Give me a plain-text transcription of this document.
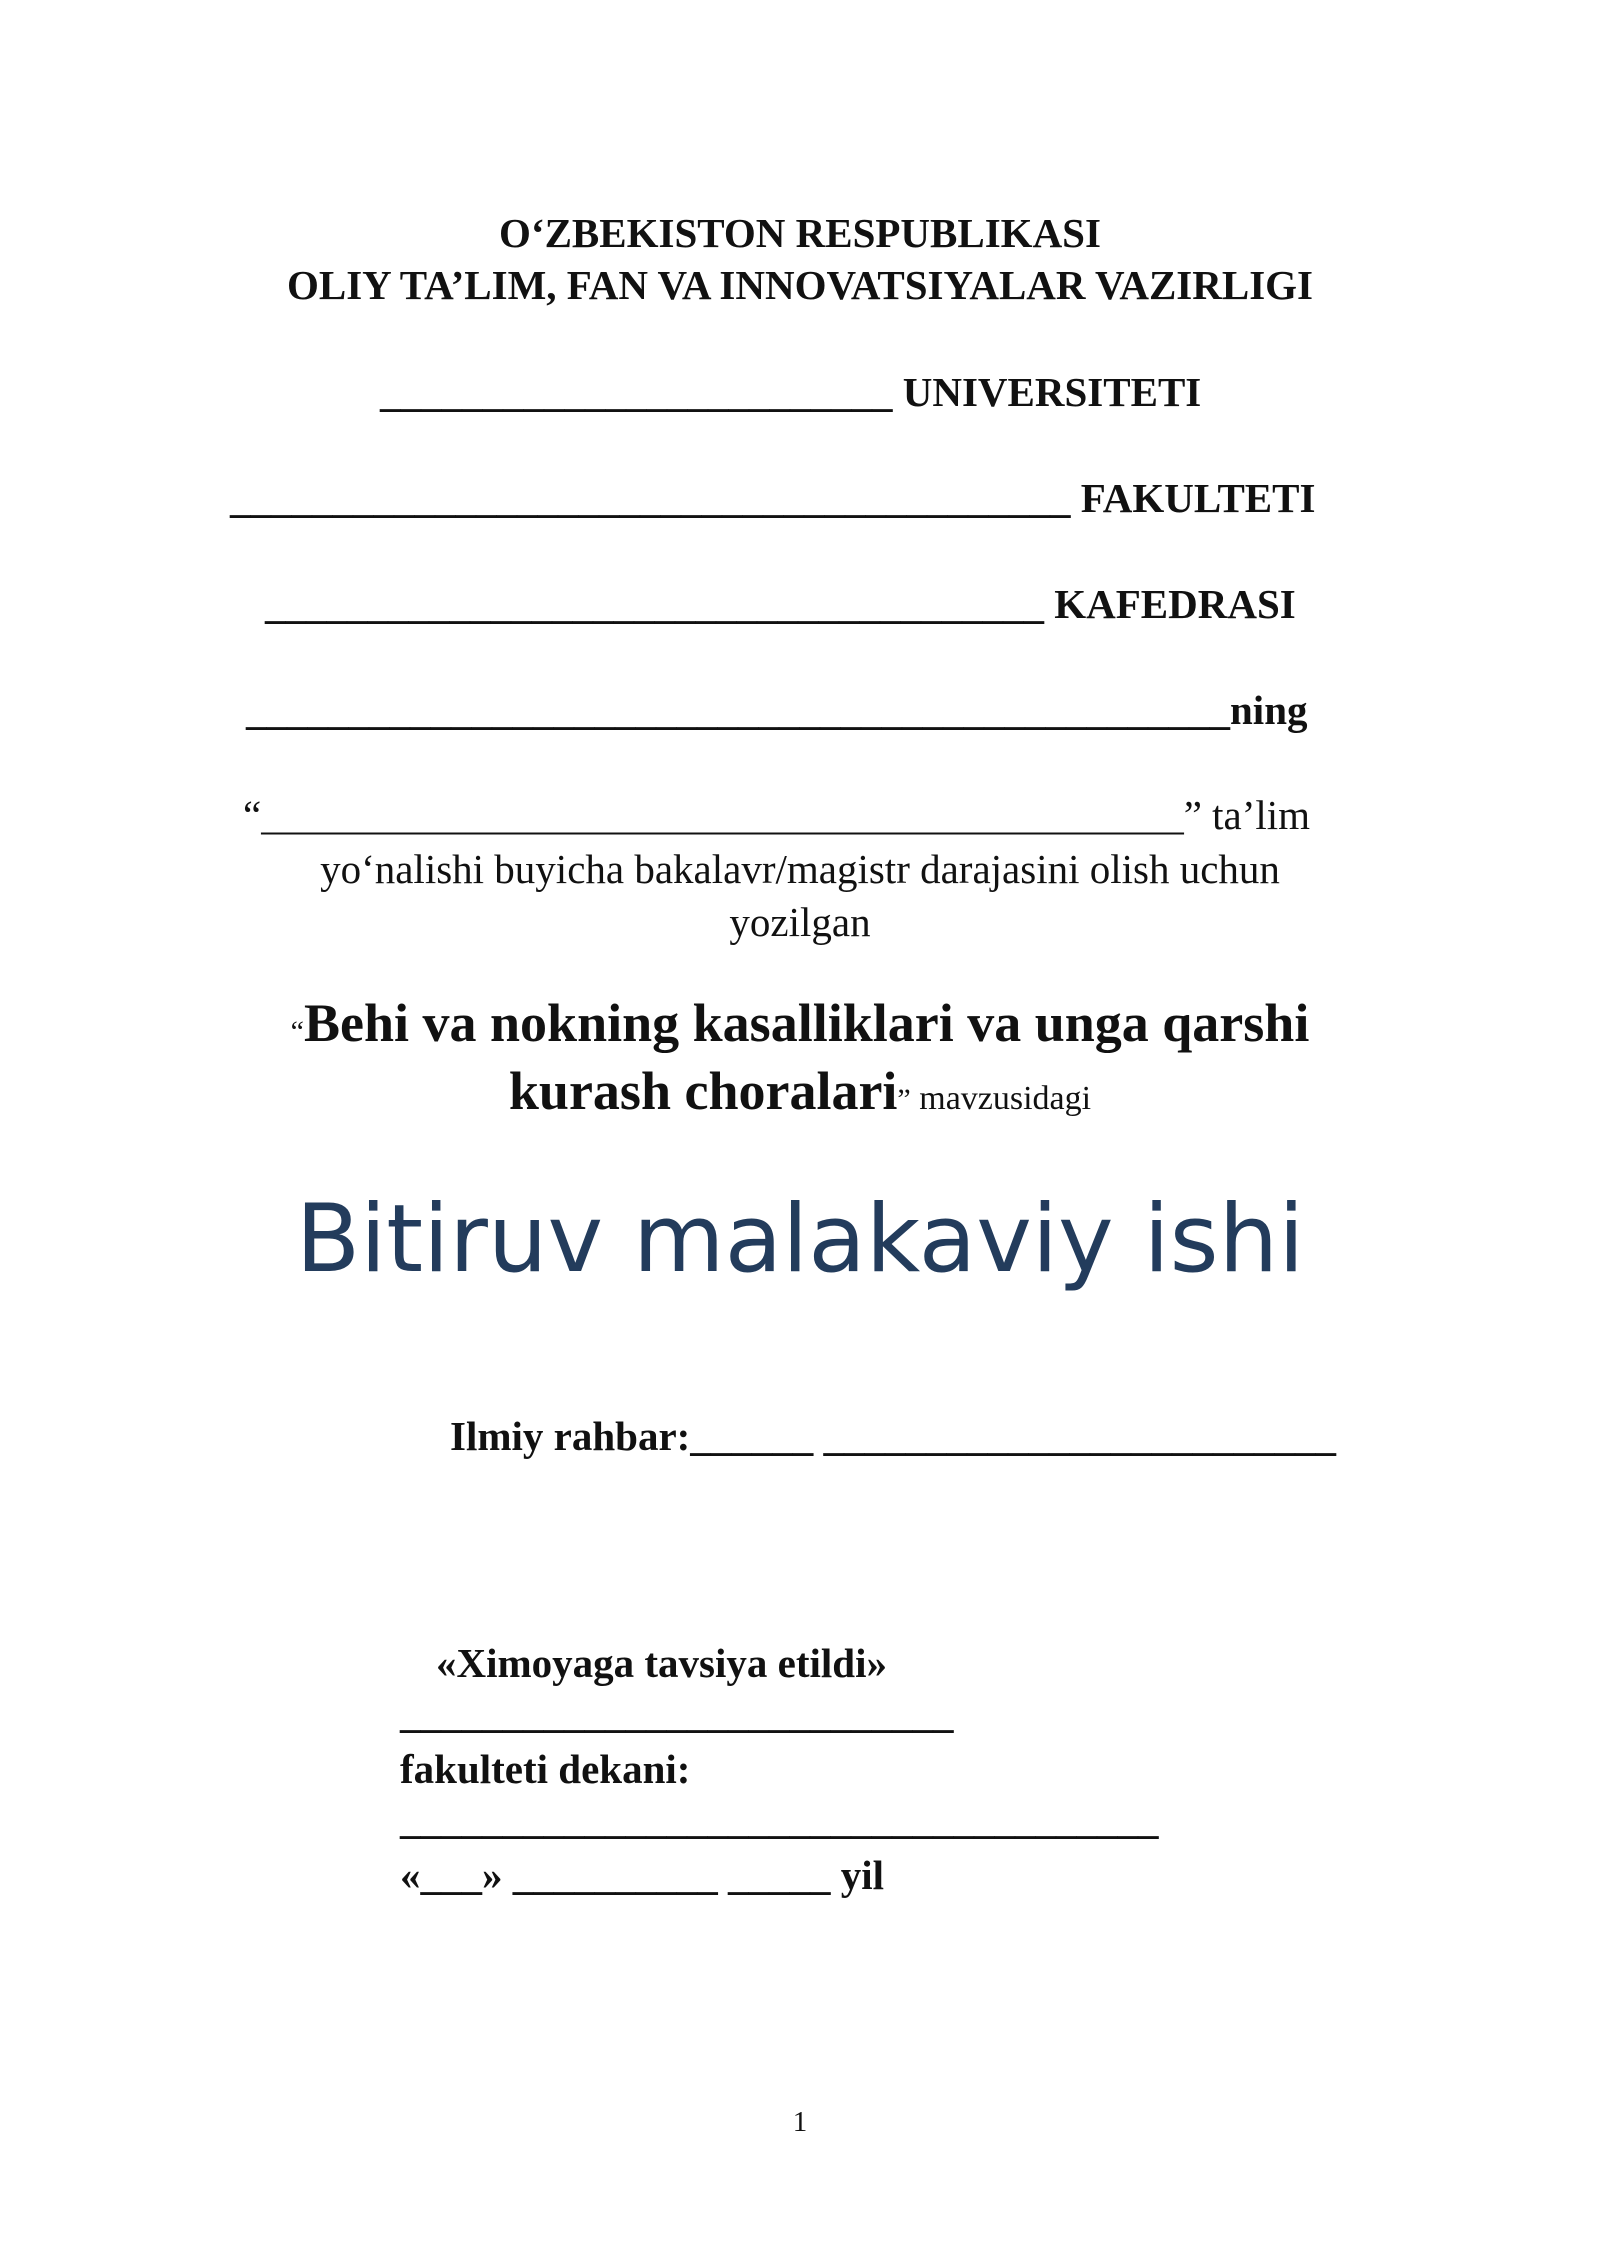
O‘ZBEKISTON RESPUBLIKASI
OLIY TA’LIM, FAN VA INNOVATSIYALAR VAZIRLIGI
_________________________ UNIVERSITETI
_________________________________________ FAKULTETI
______________________________________ KAFEDRASI
________________________________________________ning
“_____________________________________________” ta’lim
yo‘nalishi buyicha bakalavr/magistr darajasini olish uchun
yozilgan
“Behi va nokning kasalliklari va unga qarshi
kurash choralari” mavzusidagi
Bitiruv malakaviy ishi
Ilmiy rahbar:______ _________________________
«Ximoyaga tavsiya etildi»
___________________________
fakulteti dekani:
_____________________________________
«___» __________ _____ yil
1
